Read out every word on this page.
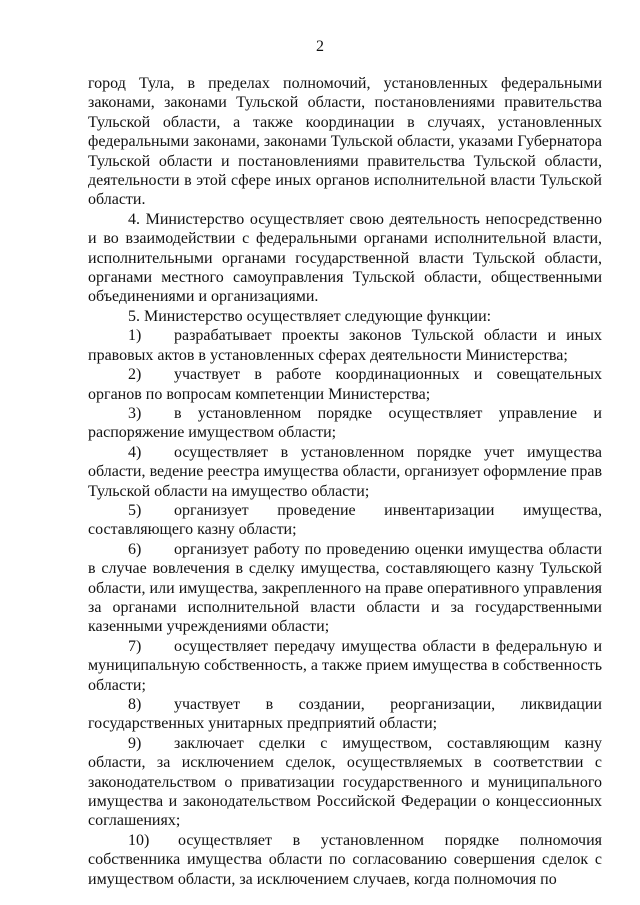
2

город Тула, в пределах полномочий, установленных федеральными законами, законами Тульской области, постановлениями правительства Тульской области, а также координации в случаях, установленных федеральными законами, законами Тульской области, указами Губернатора Тульской области и постановлениями правительства Тульской области, деятельности в этой сфере иных органов исполнительной власти Тульской области.

4. Министерство осуществляет свою деятельность непосредственно и во взаимодействии с федеральными органами исполнительной власти, исполнительными органами государственной власти Тульской области, органами местного самоуправления Тульской области, общественными объединениями и организациями.

5. Министерство осуществляет следующие функции:

1) разрабатывает проекты законов Тульской области и иных правовых актов в установленных сферах деятельности Министерства;

2) участвует в работе координационных и совещательных органов по вопросам компетенции Министерства;

3) в установленном порядке осуществляет управление и
распоряжение имуществом области;

4) осуществляет в установленном порядке учет имущества области, ведение реестра имущества области, организует оформление прав Тульской области на имущество области;

5) организует проведение инвентаризации имущества,
составляющего казну области;

6) организует работу по проведению оценки имущества области в случае вовлечения в сделку имущества, составляющего казну Тульской области, или имущества, закрепленного на праве оперативного управления за органами исполнительной власти области и за государственными казенными учреждениями области;

7) осуществляет передачу имущества области в федеральную и муниципальную собственность, а также прием имущества в собственность области;

8) участвует в создании, реорганизации, ликвидации
государственных унитарных предприятий области;

9) заключает сделки с имуществом, составляющим казну области, за исключением сделок, осуществляемых в соответствии с законодательством о приватизации государственного и муниципального имущества и законодательством Российской Федерации о концессионных соглашениях;

10) осуществляет в установленном порядке полномочия собственника имущества области по согласованию совершения сделок с имуществом области, за исключением случаев, когда полномочия по
